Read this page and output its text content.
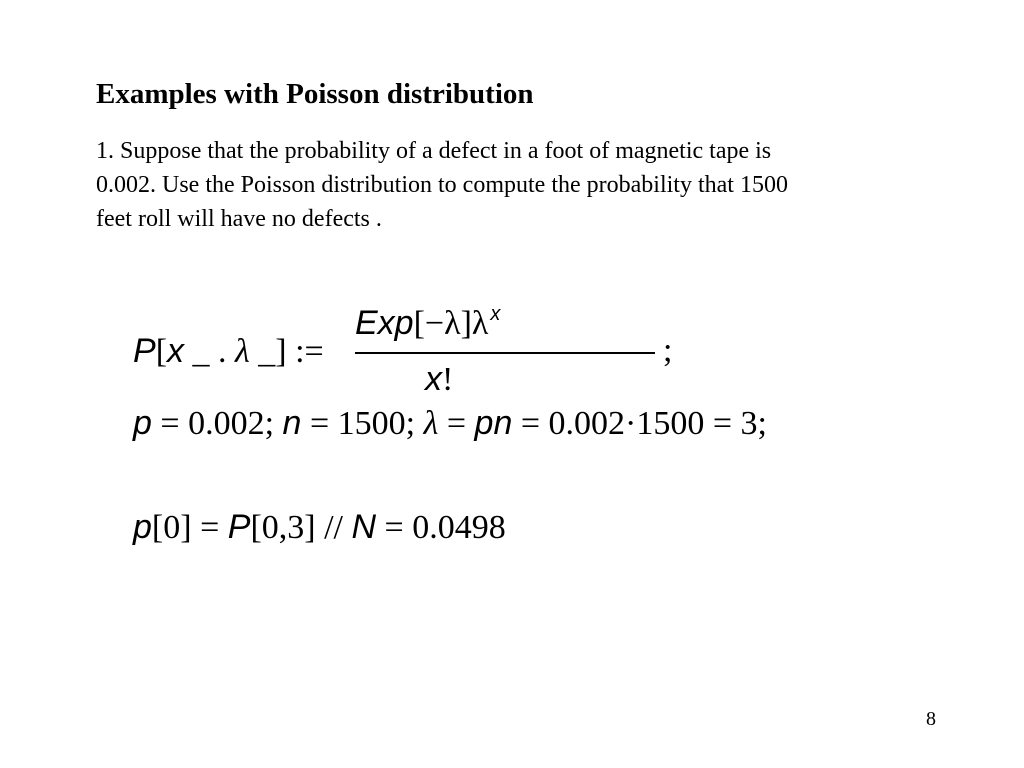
Examples with Poisson distribution
1. Suppose that the probability of a defect in a foot of magnetic tape is
0.002. Use the Poisson distribution to compute the probability that 1500
feet roll will have no defects .
P[x _ . λ _] :=
Exp[−λ]λ $^x$
x!
;
p = 0.002; n = 1500; λ = pn = 0.002·1500 = 3;
p[0] = P[0,3] // N = 0.0498
8
